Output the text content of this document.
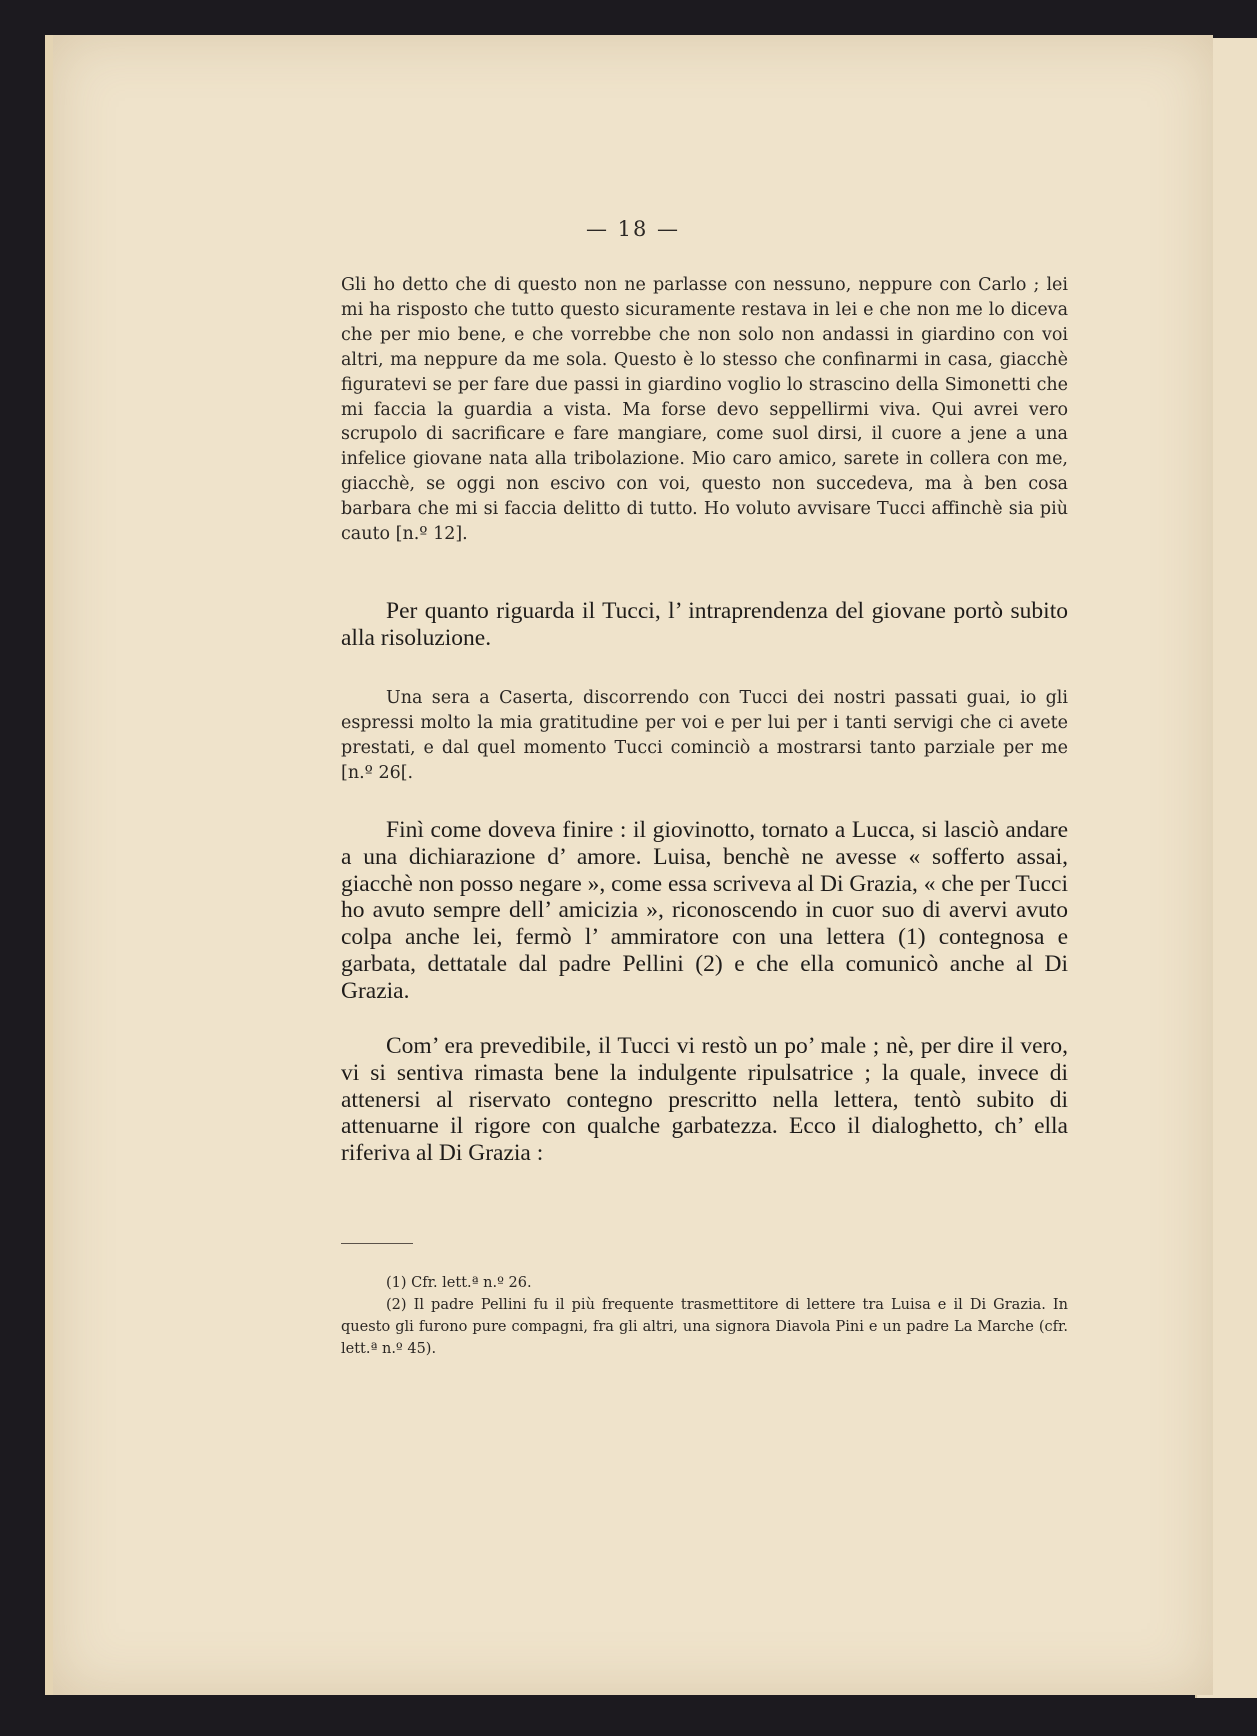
— 18 —

Gli ho detto che di questo non ne parlasse con nessuno, neppure con Carlo ; lei mi ha risposto che tutto questo sicuramente restava in lei e che non me lo diceva che per mio bene, e che vorrebbe che non solo non andassi in giardino con voi altri, ma neppure da me sola. Questo è lo stesso che confinarmi in casa, giacchè figuratevi se per fare due passi in giardino voglio lo strascino della Simonetti che mi faccia la guardia a vista. Ma forse devo seppellirmi viva. Qui avrei vero scrupolo di sacrificare e fare mangiare, come suol dirsi, il cuore a jene a una infelice giovane nata alla tribolazione. Mio caro amico, sarete in collera con me, giacchè, se oggi non escivo con voi, questo non succedeva, ma à ben cosa barbara che mi si faccia delitto di tutto. Ho voluto avvisare Tucci affinchè sia più cauto [n.º 12].

Per quanto riguarda il Tucci, l’ intraprendenza del giovane portò subito alla risoluzione.

Una sera a Caserta, discorrendo con Tucci dei nostri passati guai, io gli espressi molto la mia gratitudine per voi e per lui per i tanti servigi che ci avete prestati, e dal quel momento Tucci cominciò a mostrarsi tanto parziale per me [n.º 26[.

Finì come doveva finire : il giovinotto, tornato a Lucca, si lasciò andare a una dichiarazione d’ amore. Luisa, benchè ne avesse « sofferto assai, giacchè non posso negare », come essa scriveva al Di Grazia, « che per Tucci ho avuto sempre dell’ amicizia », riconoscendo in cuor suo di avervi avuto colpa anche lei, fermò l’ ammiratore con una lettera (1) contegnosa e garbata, dettatale dal padre Pellini (2) e che ella comunicò anche al Di Grazia.

Com’ era prevedibile, il Tucci vi restò un po’ male ; nè, per dire il vero, vi si sentiva rimasta bene la indulgente ripulsatrice ; la quale, invece di attenersi al riservato contegno prescritto nella lettera, tentò subito di attenuarne il rigore con qualche garbatezza. Ecco il dialoghetto, ch’ ella riferiva al Di Grazia :

(1) Cfr. lett.ª n.º 26.

(2) Il padre Pellini fu il più frequente trasmettitore di lettere tra Luisa e il Di Grazia. In questo gli furono pure compagni, fra gli altri, una signora Diavola Pini e un padre La Marche (cfr. lett.ª n.º 45).
